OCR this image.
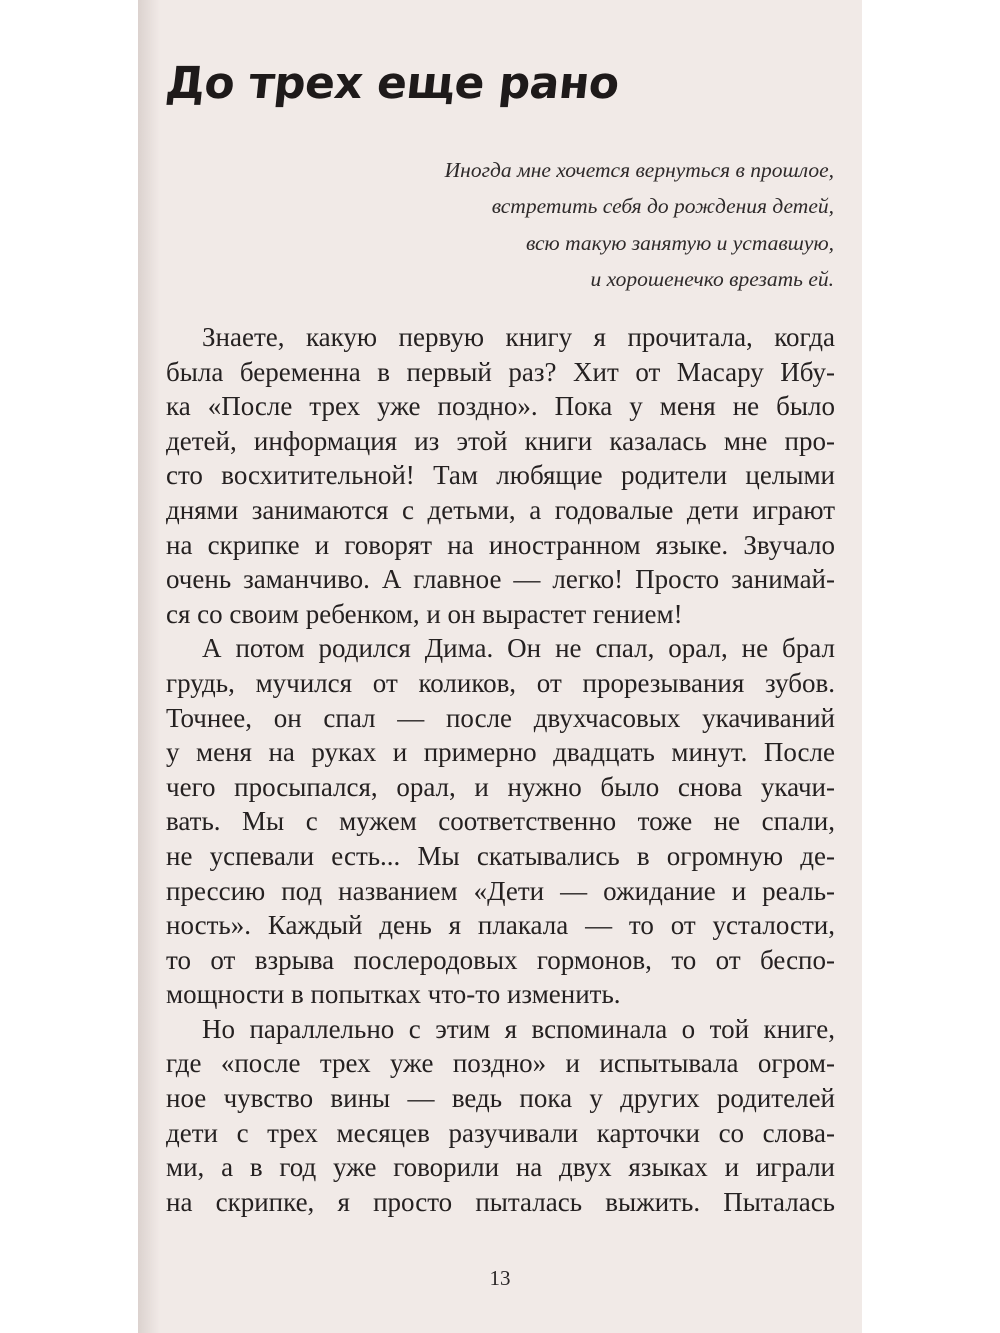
До трех еще рано
Иногда мне хочется вернуться в прошлое,
встретить себя до рождения детей,
всю такую занятую и уставшую,
и хорошенечко врезать ей.
Знаете, какую первую книгу я прочитала, когда
была беременна в первый раз? Хит от Масару Ибу-
ка «После трех уже поздно». Пока у меня не было
детей, информация из этой книги казалась мне про-
сто восхитительной! Там любящие родители целыми
днями занимаются с детьми, а годовалые дети играют
на скрипке и говорят на иностранном языке. Звучало
очень заманчиво. А главное — легко! Просто занимай-
ся со своим ребенком, и он вырастет гением!
А потом родился Дима. Он не спал, орал, не брал
грудь, мучился от коликов, от прорезывания зубов.
Точнее, он спал — после двухчасовых укачиваний
у меня на руках и примерно двадцать минут. После
чего просыпался, орал, и нужно было снова укачи-
вать. Мы с мужем соответственно тоже не спали,
не успевали есть... Мы скатывались в огромную де-
прессию под названием «Дети — ожидание и реаль-
ность». Каждый день я плакала — то от усталости,
то от взрыва послеродовых гормонов, то от беспо-
мощности в попытках что-то изменить.
Но параллельно с этим я вспоминала о той книге,
где «после трех уже поздно» и испытывала огром-
ное чувство вины — ведь пока у других родителей
дети с трех месяцев разучивали карточки со слова-
ми, а в год уже говорили на двух языках и играли
на скрипке, я просто пыталась выжить. Пыталась
13
